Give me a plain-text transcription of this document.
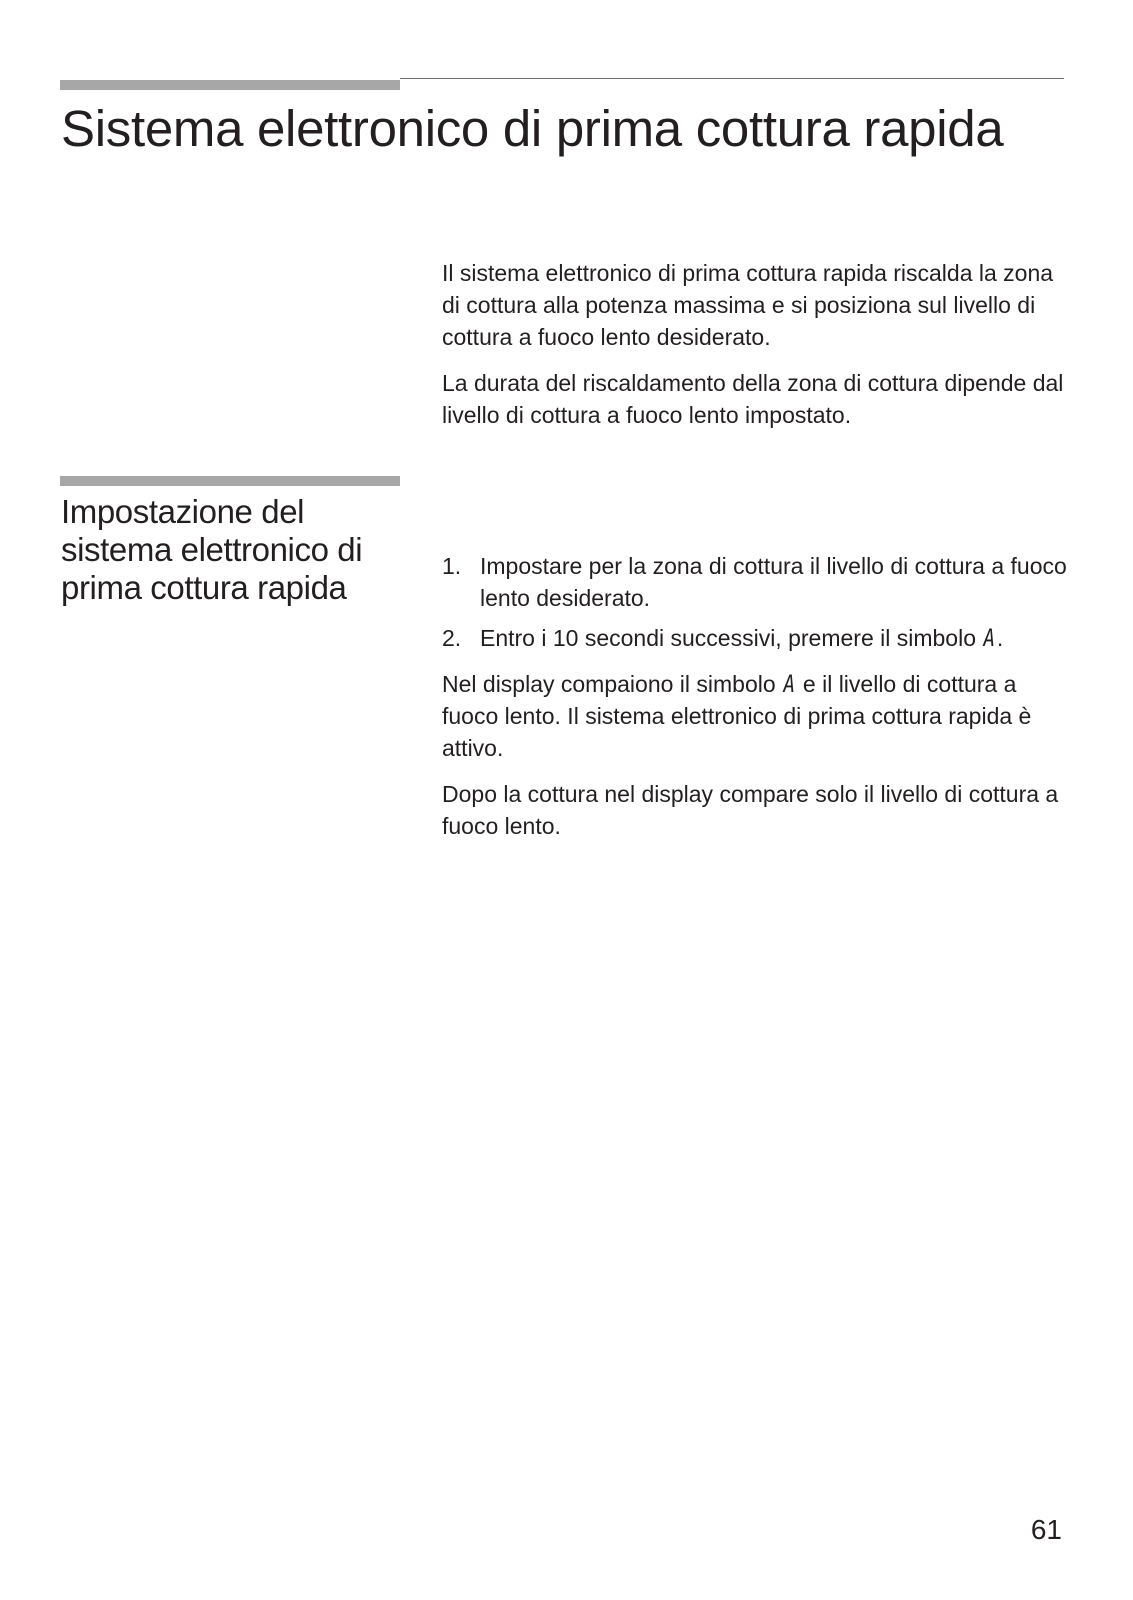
Sistema elettronico di prima cottura rapida

Il sistema elettronico di prima cottura rapida riscalda la zona di cottura alla potenza massima e si posiziona sul livello di cottura a fuoco lento desiderato.

La durata del riscaldamento della zona di cottura dipende dal livello di cottura a fuoco lento impostato.

Impostazione del sistema elettronico di prima cottura rapida
1. Impostare per la zona di cottura il livello di cottura a fuoco lento desiderato.
2. Entro i 10 secondi successivi, premere il simbolo A.

Nel display compaiono il simbolo A e il livello di cottura a fuoco lento. Il sistema elettronico di prima cottura rapida è attivo.

Dopo la cottura nel display compare solo il livello di cottura a fuoco lento.

61
